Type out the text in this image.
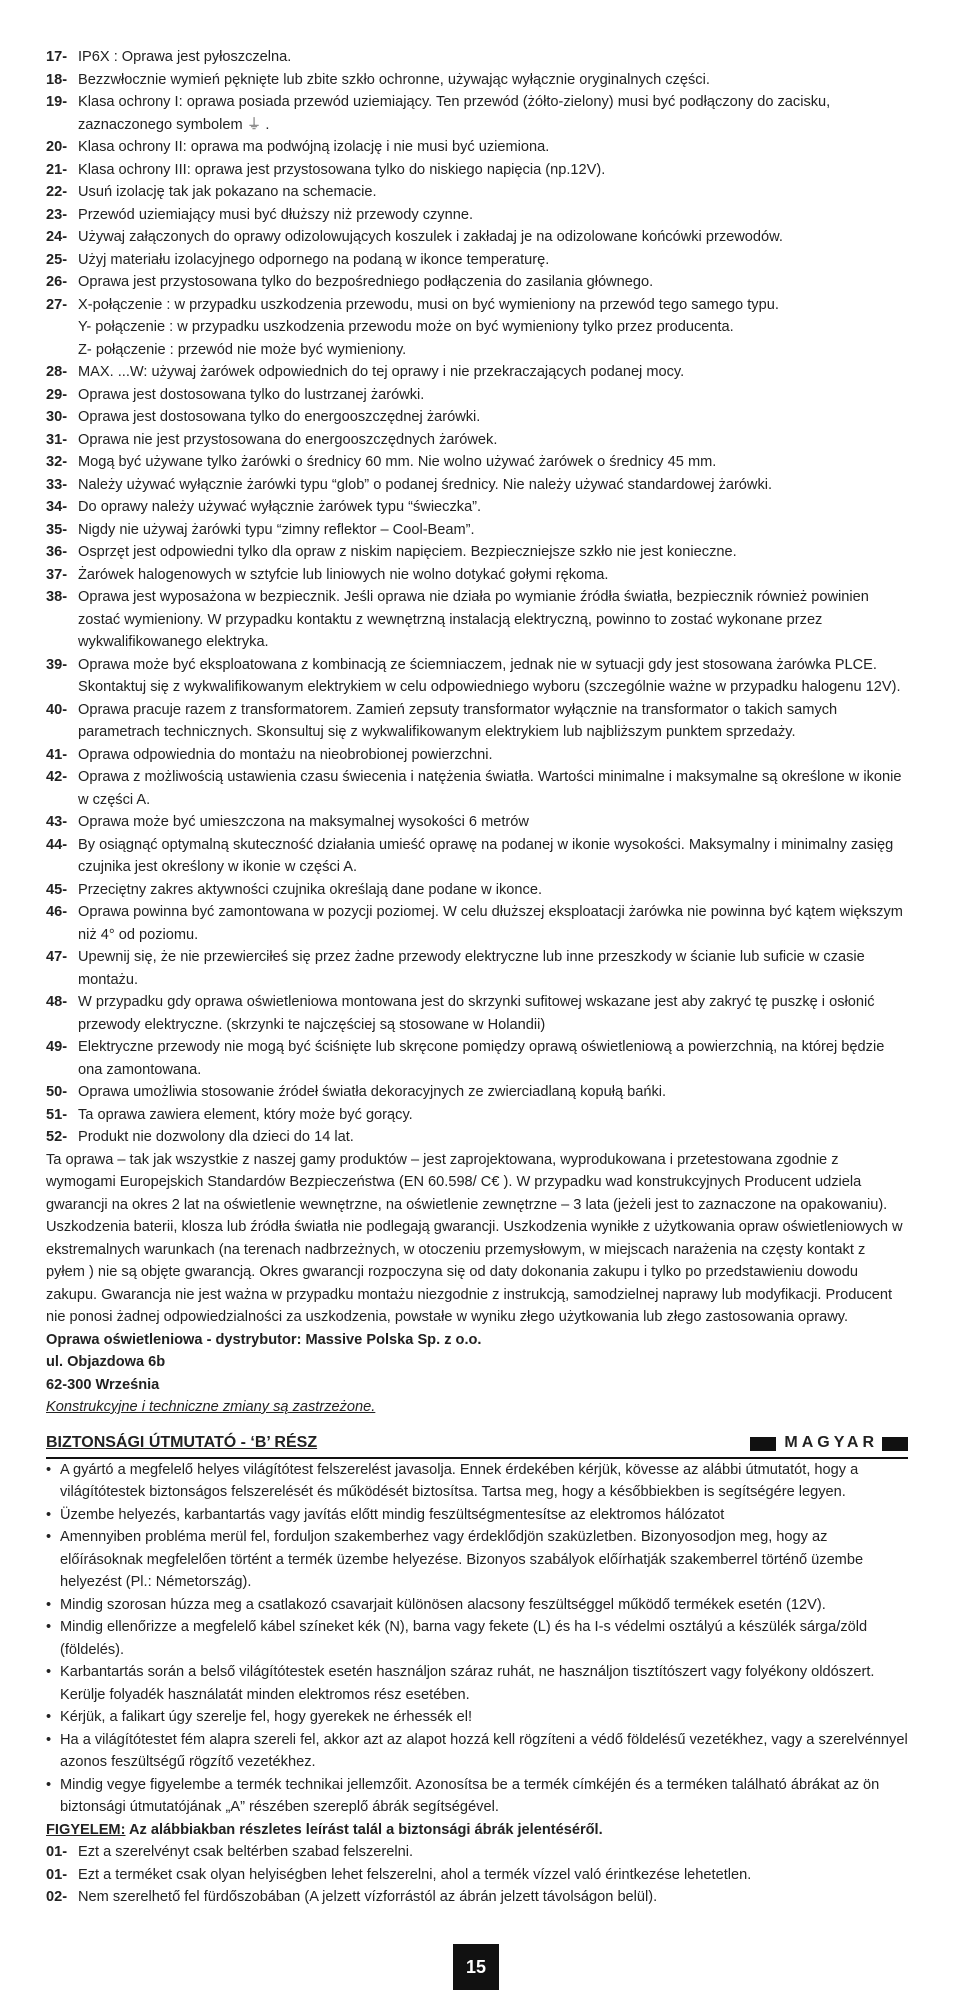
17- IP6X : Oprawa jest pyłoszczelna.
18- Bezzwłocznie wymień pęknięte lub zbite szkło ochronne, używając wyłącznie oryginalnych części.
19- Klasa ochrony I: oprawa posiada przewód uziemiający. Ten przewód (żółto-zielony) musi być podłączony do zacisku, zaznaczonego symbolem ⏚ .
20- Klasa ochrony II: oprawa ma podwójną izolację i nie musi być uziemiona.
21- Klasa ochrony III: oprawa jest przystosowana tylko do niskiego napięcia (np.12V).
22- Usuń izolację tak jak pokazano na schemacie.
23- Przewód uziemiający musi być dłuższy niż przewody czynne.
24- Używaj załączonych do oprawy odizolowujących koszulek i zakładaj je na odizolowane końcówki przewodów.
25- Użyj materiału izolacyjnego odpornego na podaną w ikonce temperaturę.
26- Oprawa jest przystosowana tylko do bezpośredniego podłączenia do zasilania głównego.
27- X-połączenie : w przypadku uszkodzenia przewodu, musi on być wymieniony na przewód tego samego typu.
Y- połączenie : w przypadku uszkodzenia przewodu może on być wymieniony tylko przez producenta.
Z- połączenie : przewód nie może być wymieniony.
28- MAX. ...W: używaj żarówek odpowiednich do tej oprawy i nie przekraczających podanej mocy.
29- Oprawa jest dostosowana tylko do lustrzanej żarówki.
30- Oprawa jest dostosowana tylko do energooszczędnej żarówki.
31- Oprawa nie jest przystosowana do energooszczędnych żarówek.
32- Mogą być używane tylko żarówki o średnicy 60 mm. Nie wolno używać żarówek o średnicy 45 mm.
33- Należy używać wyłącznie żarówki typu “glob” o podanej średnicy. Nie należy używać standardowej żarówki.
34- Do oprawy należy używać wyłącznie żarówek typu “świeczka”.
35- Nigdy nie używaj żarówki typu “zimny reflektor – Cool-Beam”.
36- Osprzęt jest odpowiedni tylko dla opraw z niskim napięciem. Bezpieczniejsze szkło nie jest konieczne.
37- Żarówek halogenowych w sztyfcie lub liniowych nie wolno dotykać gołymi rękoma.
38- Oprawa jest wyposażona w bezpiecznik. Jeśli oprawa nie działa po wymianie źródła światła, bezpiecznik również powinien zostać wymieniony. W przypadku kontaktu z wewnętrzną instalacją elektryczną, powinno to zostać wykonane przez wykwalifikowanego elektryka.
39- Oprawa może być eksploatowana z kombinacją ze ściemniaczem, jednak nie w sytuacji gdy jest stosowana żarówka PLCE. Skontaktuj się z wykwalifikowanym elektrykiem w celu odpowiedniego wyboru (szczególnie ważne w przypadku halogenu 12V).
40- Oprawa pracuje razem z transformatorem. Zamień zepsuty transformator wyłącznie na transformator o takich samych parametrach technicznych. Skonsultuj się z wykwalifikowanym elektrykiem lub najbliższym punktem sprzedaży.
41- Oprawa odpowiednia do montażu na nieobrobionej powierzchni.
42- Oprawa z możliwością ustawienia czasu świecenia i natężenia światła. Wartości minimalne i maksymalne są określone w ikonie w części A.
43- Oprawa może być umieszczona na maksymalnej wysokości 6 metrów
44- By osiągnąć optymalną skuteczność działania umieść oprawę na podanej w ikonie wysokości. Maksymalny i minimalny zasięg czujnika jest określony w ikonie w części A.
45- Przeciętny zakres aktywności czujnika określają dane podane w ikonce.
46- Oprawa powinna być zamontowana w pozycji poziomej. W celu dłuższej eksploatacji żarówka nie powinna być kątem większym niż 4° od poziomu.
47- Upewnij się, że nie przewierciłeś się przez żadne przewody elektryczne lub inne przeszkody w ścianie lub suficie w czasie montażu.
48- W przypadku gdy oprawa oświetleniowa montowana jest do skrzynki sufitowej wskazane jest aby zakryć tę puszkę i osłonić przewody elektryczne. (skrzynki te najczęściej są stosowane w Holandii)
49- Elektryczne przewody nie mogą być ściśnięte lub skręcone pomiędzy oprawą oświetleniową a powierzchnią, na której będzie ona zamontowana.
50- Oprawa umożliwia stosowanie źródeł światła dekoracyjnych ze zwierciadlaną kopułą bańki.
51- Ta oprawa zawiera element, który może być gorący.
52- Produkt nie dozwolony dla dzieci do 14 lat.
Ta oprawa – tak jak wszystkie z naszej gamy produktów – jest zaprojektowana, wyprodukowana i przetestowana zgodnie z wymogami Europejskich Standardów Bezpieczeństwa (EN 60.598/ C€ ). W przypadku wad konstrukcyjnych Producent udziela gwarancji na okres 2 lat na oświetlenie wewnętrzne, na oświetlenie zewnętrzne – 3 lata (jeżeli jest to zaznaczone na opakowaniu). Uszkodzenia baterii, klosza lub źródła światła nie podlegają gwarancji. Uszkodzenia wynikłe z użytkowania opraw oświetleniowych w ekstremalnych warunkach (na terenach nadbrzeżnych, w otoczeniu przemysłowym, w miejscach narażenia na częsty kontakt z pyłem ) nie są objęte gwarancją. Okres gwarancji rozpoczyna się od daty dokonania zakupu i tylko po przedstawieniu dowodu zakupu. Gwarancja nie jest ważna w przypadku montażu niezgodnie z instrukcją, samodzielnej naprawy lub modyfikacji. Producent nie ponosi żadnej odpowiedzialności za uszkodzenia, powstałe w wyniku złego użytkowania lub złego zastosowania oprawy.
Oprawa oświetleniowa - dystrybutor: Massive Polska Sp. z o.o.
ul. Objazdowa 6b
62-300 Września
Konstrukcyjne i techniczne zmiany są zastrzeżone.
BIZTONSÁGI ÚTMUTATÓ - ‘B’ RÉSZ	MAGYAR
• A gyártó a megfelelő helyes világítótest felszerelést javasolja. Ennek érdekében kérjük, kövesse az alábbi útmutatót, hogy a világítótestek biztonságos felszerelését és működését biztosítsa. Tartsa meg, hogy a későbbiekben is segítségére legyen.
• Üzembe helyezés, karbantartás vagy javítás előtt mindig feszültségmentesítse az elektromos hálózatot
• Amennyiben probléma merül fel, forduljon szakemberhez vagy érdeklődjön szaküzletben. Bizonyosodjon meg, hogy az előírásoknak megfelelően történt a termék üzembe helyezése. Bizonyos szabályok előírhatják szakemberrel történő üzembe helyezést (Pl.: Németország).
• Mindig szorosan húzza meg a csatlakozó csavarjait különösen alacsony feszültséggel működő termékek esetén (12V).
• Mindig ellenőrizze a megfelelő kábel színeket kék (N), barna vagy fekete (L) és ha I-s védelmi osztályú a készülék sárga/zöld (földelés).
• Karbantartás során a belső világítótestek esetén használjon száraz ruhát, ne használjon tisztítószert vagy folyékony oldószert. Kerülje folyadék használatát minden elektromos rész esetében.
• Kérjük, a falikart úgy szerelje fel, hogy gyerekek ne érhessék el!
• Ha a világítótestet fém alapra szereli fel, akkor azt az alapot hozzá kell rögzíteni a védő földelésű vezetékhez, vagy a szerelvénnyel azonos feszültségű rögzítő vezetékhez.
• Mindig vegye figyelembe a termék technikai jellemzőit. Azonosítsa be a termék címkéjén és a terméken található ábrákat az ön biztonsági útmutatójának „A” részében szereplő ábrák segítségével.
FIGYELEM: Az alábbiakban részletes leírást talál a biztonsági ábrák jelentéséről.
01- Ezt a szerelvényt csak beltérben szabad felszerelni.
01- Ezt a terméket csak olyan helyiségben lehet felszerelni, ahol a termék vízzel való érintkezése lehetetlen.
02- Nem szerelhető fel fürdőszobában (A jelzett vízforrástól az ábrán jelzett távolságon belül).
15
